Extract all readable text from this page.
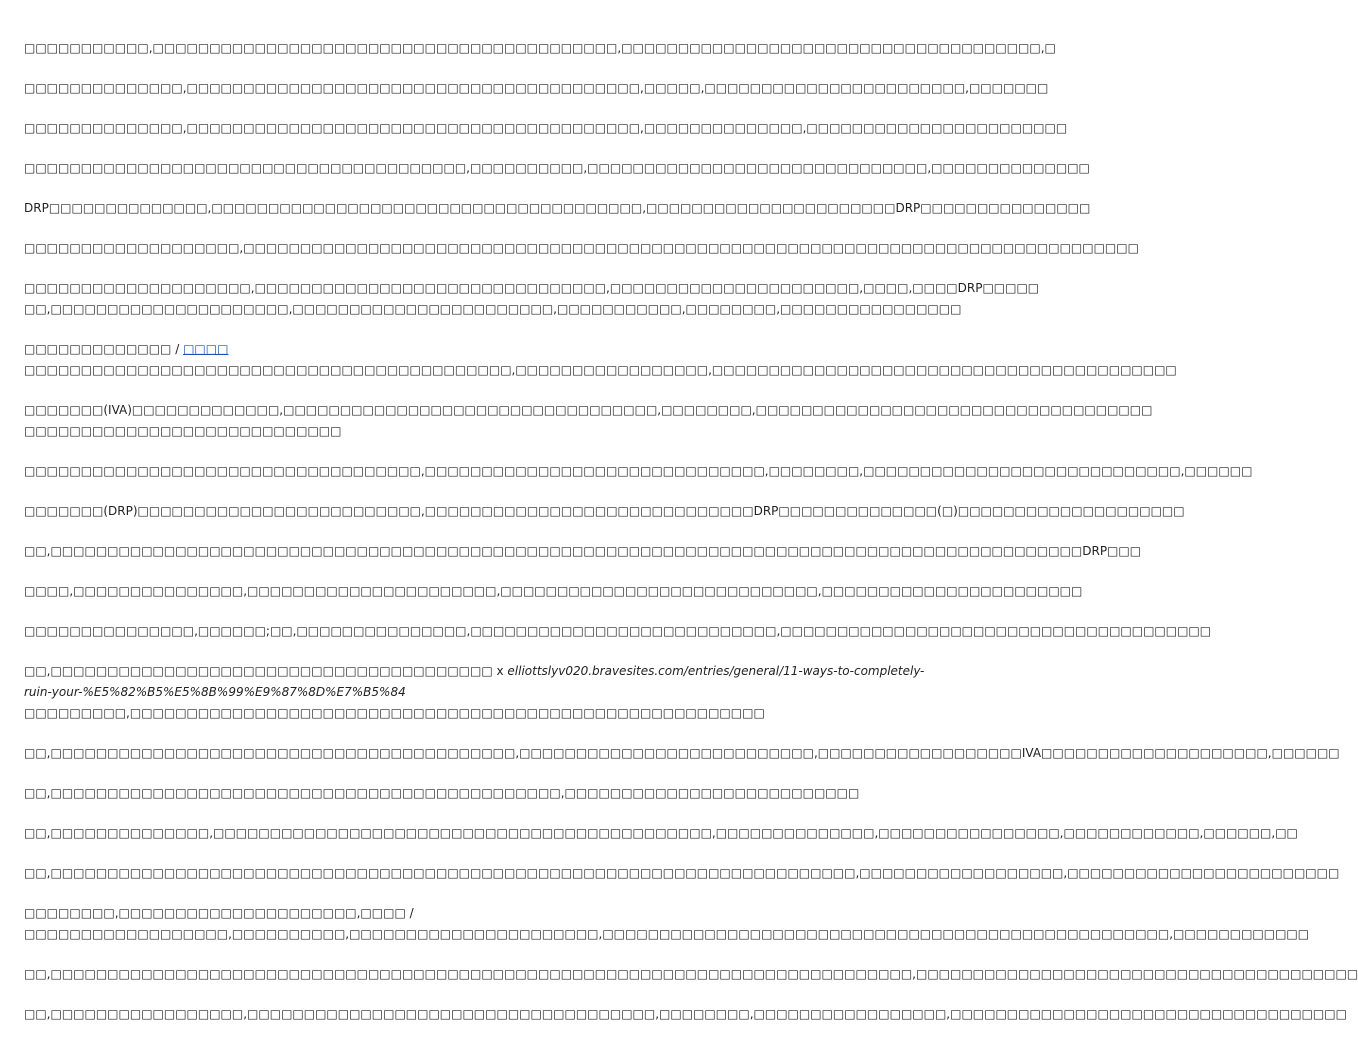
□□□□□□□□□□□,□□□□□□□□□□□□□□□□□□□□□□□□□□□□□□□□□□□□□□□□□,□□□□□□□□□□□□□□□□□□□□□□□□□□□□□□□□□□□□□,□
□□□□□□□□□□□□□□,□□□□□□□□□□□□□□□□□□□□□□□□□□□□□□□□□□□□□□□□,□□□□□,□□□□□□□□□□□□□□□□□□□□□□□,□□□□□□□
□□□□□□□□□□□□□□,□□□□□□□□□□□□□□□□□□□□□□□□□□□□□□□□□□□□□□□□,□□□□□□□□□□□□□□,□□□□□□□□□□□□□□□□□□□□□□□
□□□□□□□□□□□□□□□□□□□□□□□□□□□□□□□□□□□□□□□,□□□□□□□□□□,□□□□□□□□□□□□□□□□□□□□□□□□□□□□□□,□□□□□□□□□□□□□□
DRP□□□□□□□□□□□□□□,□□□□□□□□□□□□□□□□□□□□□□□□□□□□□□□□□□□□□□,□□□□□□□□□□□□□□□□□□□□□□DRP□□□□□□□□□□□□□□□
□□□□□□□□□□□□□□□□□□□,□□□□□□□□□□□□□□□□□□□□□□□□□□□□□□□□□□□□□□□□□□□□□□□□□□□□□□□□□□□□□□□□□□□□□□□□□□□□□□□
□□□□□□□□□□□□□□□□□□□□,□□□□□□□□□□□□□□□□□□□□□□□□□□□□□□□,□□□□□□□□□□□□□□□□□□□□□□,□□□□,□□□□DRP□□□□□
□□,□□□□□□□□□□□□□□□□□□□□□,□□□□□□□□□□□□□□□□□□□□□□□,□□□□□□□□□□□,□□□□□□□□,□□□□□□□□□□□□□□□□
□□□□□□□□□□□□□ / □□□□
□□□□□□□□□□□□□□□□□□□□□□□□□□□□□□□□□□□□□□□□□□□,□□□□□□□□□□□□□□□□□,□□□□□□□□□□□□□□□□□□□□□□□□□□□□□□□□□□□□□□□□□
□□□□□□□(IVA)□□□□□□□□□□□□□,□□□□□□□□□□□□□□□□□□□□□□□□□□□□□□□□□,□□□□□□□□,□□□□□□□□□□□□□□□□□□□□□□□□□□□□□□□□□□□
□□□□□□□□□□□□□□□□□□□□□□□□□□□□
□□□□□□□□□□□□□□□□□□□□□□□□□□□□□□□□□□□,□□□□□□□□□□□□□□□□□□□□□□□□□□□□□□,□□□□□□□□,□□□□□□□□□□□□□□□□□□□□□□□□□□□□,□□□□□□
□□□□□□□(DRP)□□□□□□□□□□□□□□□□□□□□□□□□□,□□□□□□□□□□□□□□□□□□□□□□□□□□□□□DRP□□□□□□□□□□□□□□(□)□□□□□□□□□□□□□□□□□□□□
□□,□□□□□□□□□□□□□□□□□□□□□□□□□□□□□□□□□□□□□□□□□□□□□□□□□□□□□□□□□□□□□□□□□□□□□□□□□□□□□□□□□□□□□□□□□□□DRP□□□
□□□□,□□□□□□□□□□□□□□□,□□□□□□□□□□□□□□□□□□□□□□,□□□□□□□□□□□□□□□□□□□□□□□□□□□□,□□□□□□□□□□□□□□□□□□□□□□□
□□□□□□□□□□□□□□□,□□□□□□;□□,□□□□□□□□□□□□□□□,□□□□□□□□□□□□□□□□□□□□□□□□□□□,□□□□□□□□□□□□□□□□□□□□□□□□□□□□□□□□□□□□□□
□□,□□□□□□□□□□□□□□□□□□□□□□□□□□□□□□□□□□□□□□□ x elliottslyv020.bravesites.com/entries/general/11-ways-to-completely-
ruin-your-%E5%82%B5%E5%8B%99%E9%87%8D%E7%B5%84
□□□□□□□□□,□□□□□□□□□□□□□□□□□□□□□□□□□□□□□□□□□□□□□□□□□□□□□□□□□□□□□□□□
□□,□□□□□□□□□□□□□□□□□□□□□□□□□□□□□□□□□□□□□□□□□,□□□□□□□□□□□□□□□□□□□□□□□□□□,□□□□□□□□□□□□□□□□□□IVA□□□□□□□□□□□□□□□□□□□□,□□□□□□
□□,□□□□□□□□□□□□□□□□□□□□□□□□□□□□□□□□□□□□□□□□□□□□□,□□□□□□□□□□□□□□□□□□□□□□□□□□
□□,□□□□□□□□□□□□□□,□□□□□□□□□□□□□□□□□□□□□□□□□□□□□□□□□□□□□□□□□□□□,□□□□□□□□□□□□□□,□□□□□□□□□□□□□□□□,□□□□□□□□□□□□,□□□□□□,□□
□□,□□□□□□□□□□□□□□□□□□□□□□□□□□□□□□□□□□□□□□□□□□□□□□□□□□□□□□□□□□□□□□□□□□□□□□□,□□□□□□□□□□□□□□□□□□,□□□□□□□□□□□□□□□□□□□□□□□□
□□□□□□□□,□□□□□□□□□□□□□□□□□□□□□,□□□□ /
□□□□□□□□□□□□□□□□□□,□□□□□□□□□□,□□□□□□□□□□□□□□□□□□□□□□,□□□□□□□□□□□□□□□□□□□□□□□□□□□□□□□□□□□□□□□□□□□□□□□□□□,□□□□□□□□□□□□
□□,□□□□□□□□□□□□□□□□□□□□□□□□□□□□□□□□□□□□□□□□□□□□□□□□□□□□□□□□□□□□□□□□□□□□□□□□□□□□,□□□□□□□□□□□□□□□□□□□□□□□□□□□□□□□□□□□□□□□
□□,□□□□□□□□□□□□□□□□□,□□□□□□□□□□□□□□□□□□□□□□□□□□□□□□□□□□□□,□□□□□□□□,□□□□□□□□□□□□□□□□□,□□□□□□□□□□□□□□□□□□□□□□□□□□□□□□□□□□□
